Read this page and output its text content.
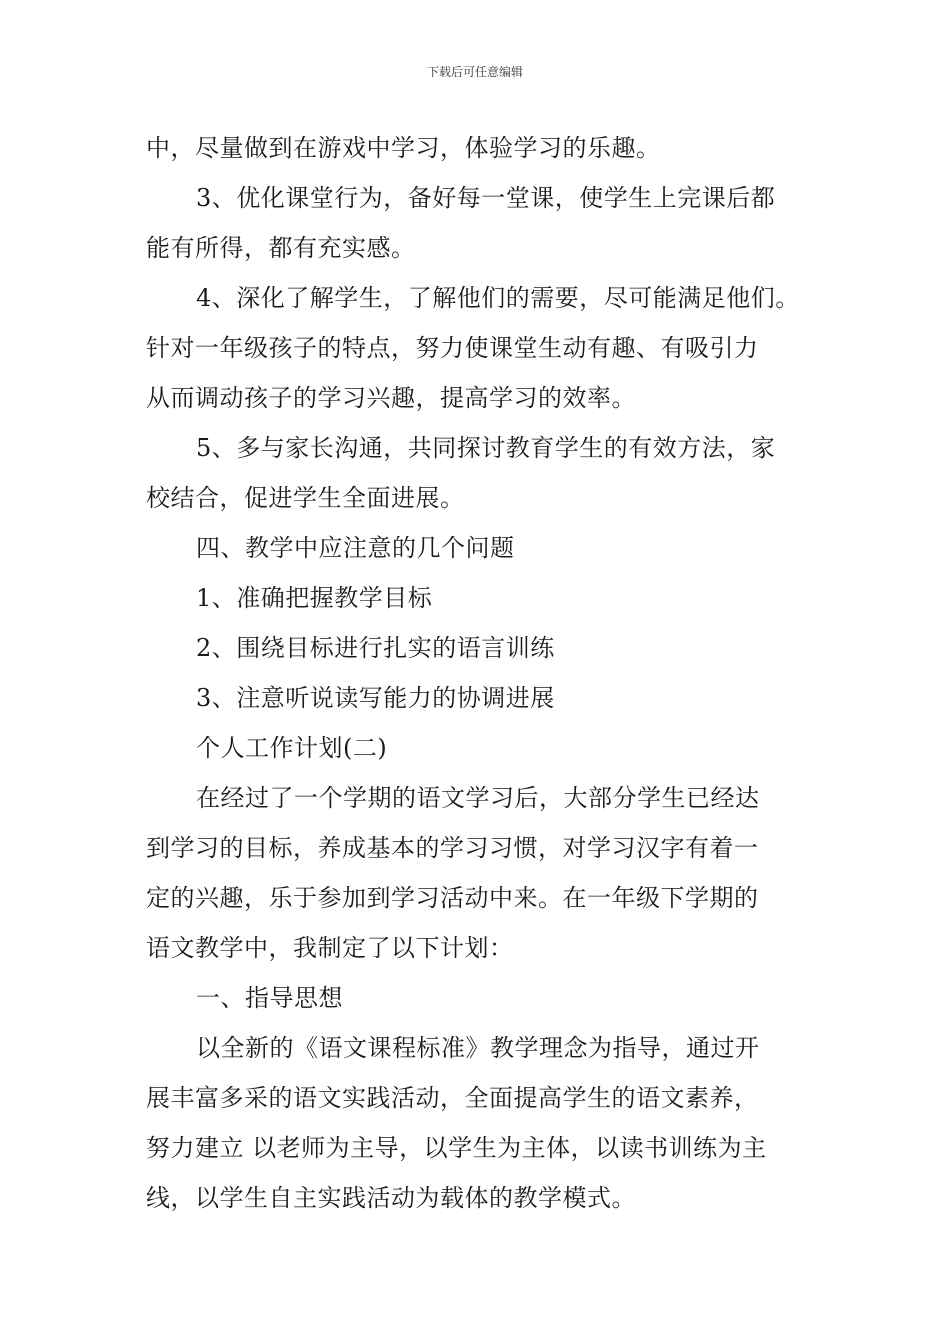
下载后可任意编辑
中，尽量做到在游戏中学习，体验学习的乐趣。
3、优化课堂行为，备好每一堂课，使学生上完课后都
能有所得，都有充实感。
4、深化了解学生，了解他们的需要，尽可能满足他们。
针对一年级孩子的特点，努力使课堂生动有趣、有吸引力
从而调动孩子的学习兴趣，提高学习的效率。
5、多与家长沟通，共同探讨教育学生的有效方法，家
校结合，促进学生全面进展。
四、教学中应注意的几个问题
1、准确把握教学目标
2、围绕目标进行扎实的语言训练
3、注意听说读写能力的协调进展
个人工作计划(二)
在经过了一个学期的语文学习后，大部分学生已经达
到学习的目标，养成基本的学习习惯，对学习汉字有着一
定的兴趣，乐于参加到学习活动中来。在一年级下学期的
语文教学中，我制定了以下计划：
一、指导思想
以全新的《语文课程标准》教学理念为指导，通过开
展丰富多采的语文实践活动，全面提高学生的语文素养，
努力建立 以老师为主导，以学生为主体，以读书训练为主
线，以学生自主实践活动为载体的教学模式。
